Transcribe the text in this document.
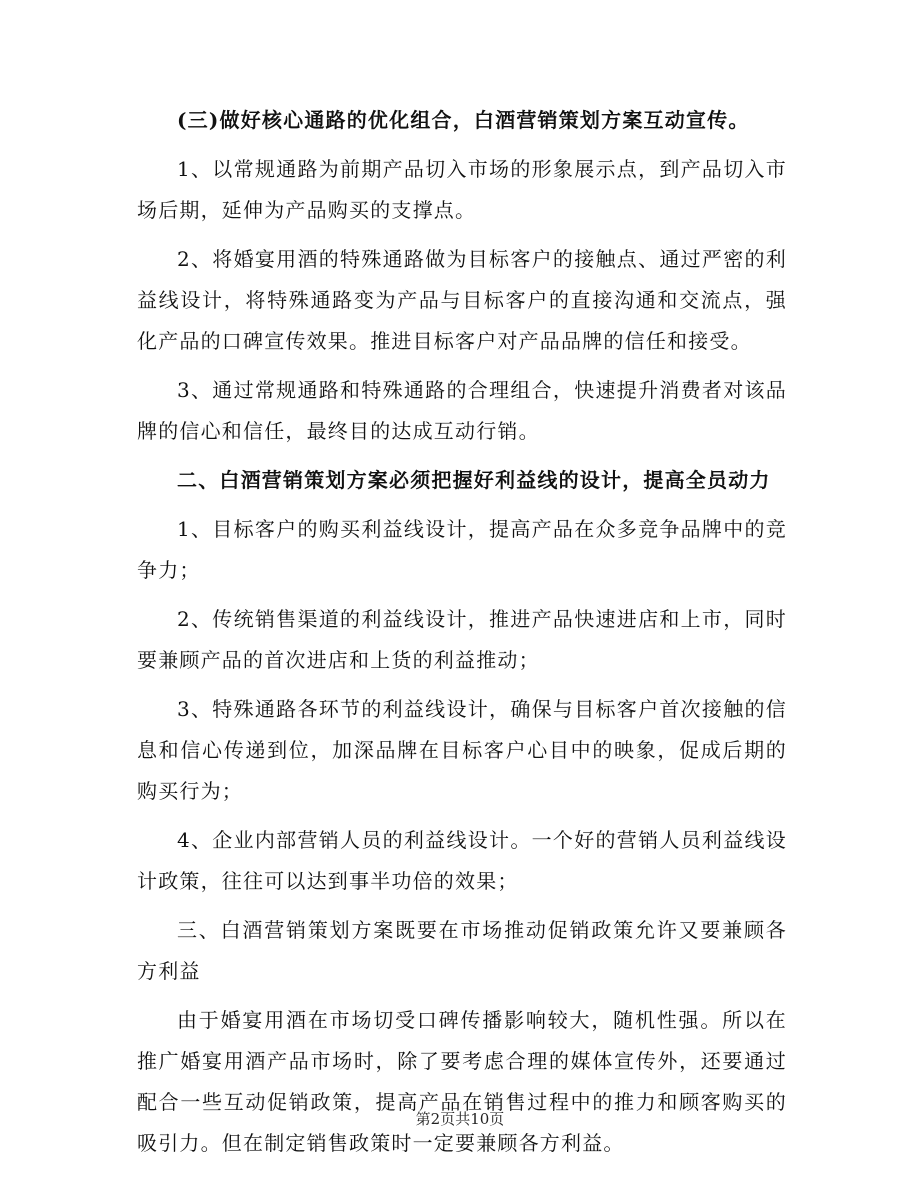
(三)做好核心通路的优化组合，白酒营销策划方案互动宣传。

1、以常规通路为前期产品切入市场的形象展示点，到产品切入市场后期，延伸为产品购买的支撑点。

2、将婚宴用酒的特殊通路做为目标客户的接触点、通过严密的利益线设计，将特殊通路变为产品与目标客户的直接沟通和交流点，强化产品的口碑宣传效果。推进目标客户对产品品牌的信任和接受。

3、通过常规通路和特殊通路的合理组合，快速提升消费者对该品牌的信心和信任，最终目的达成互动行销。

二、白酒营销策划方案必须把握好利益线的设计，提高全员动力

1、目标客户的购买利益线设计，提高产品在众多竞争品牌中的竞争力；

2、传统销售渠道的利益线设计，推进产品快速进店和上市，同时要兼顾产品的首次进店和上货的利益推动；

3、特殊通路各环节的利益线设计，确保与目标客户首次接触的信息和信心传递到位，加深品牌在目标客户心目中的映象，促成后期的购买行为；

4、企业内部营销人员的利益线设计。一个好的营销人员利益线设计政策，往往可以达到事半功倍的效果；

三、白酒营销策划方案既要在市场推动促销政策允许又要兼顾各方利益

由于婚宴用酒在市场切受口碑传播影响较大，随机性强。所以在推广婚宴用酒产品市场时，除了要考虑合理的媒体宣传外，还要通过配合一些互动促销政策，提高产品在销售过程中的推力和顾客购买的吸引力。但在制定销售政策时一定要兼顾各方利益。

第2页共10页
